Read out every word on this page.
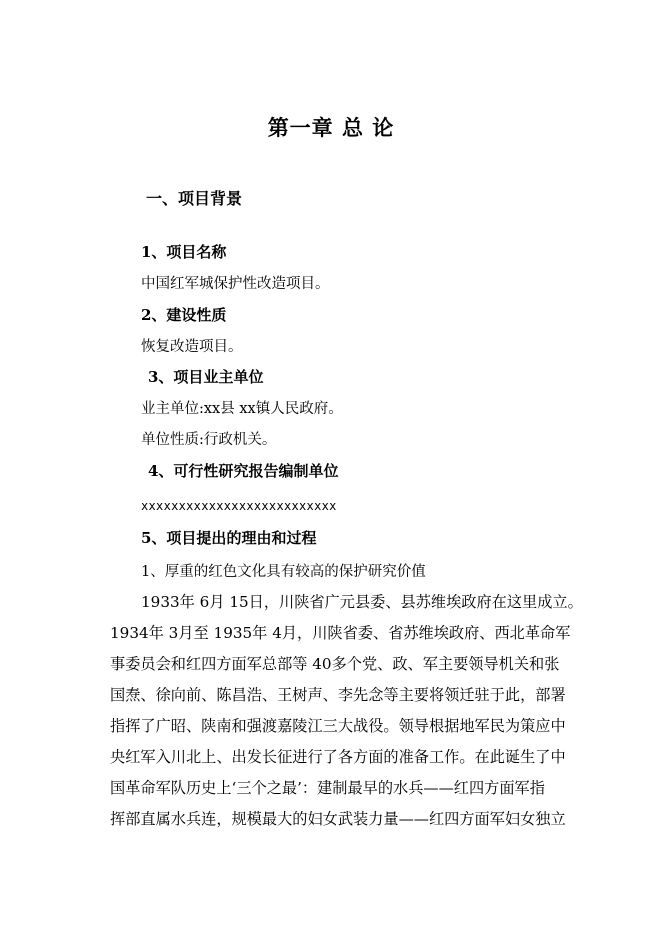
第一章 总 论
一、项目背景
1、项目名称
中国红军城保护性改造项目。
2、建设性质
恢复改造项目。
3、项目业主单位
业主单位:xx县 xx镇人民政府。
单位性质:行政机关。
4、可行性研究报告编制单位
xxxxxxxxxxxxxxxxxxxxxxxxxx
5、项目提出的理由和过程
1、厚重的红色文化具有较高的保护研究价值
1933年 6月 15日，川陕省广元县委、县苏维埃政府在这里成立。
1934年 3月至 1935年 4月，川陕省委、省苏维埃政府、西北革命军
事委员会和红四方面军总部等 40多个党、政、军主要领导机关和张
国焘、徐向前、陈昌浩、王树声、李先念等主要将领迁驻于此，部署
指挥了广昭、陕南和强渡嘉陵江三大战役。领导根据地军民为策应中
央红军入川北上、出发长征进行了各方面的准备工作。在此诞生了中
国革命军队历史上‘三个之最’：建制最早的水兵——红四方面军指
挥部直属水兵连，规模最大的妇女武装力量——红四方面军妇女独立
